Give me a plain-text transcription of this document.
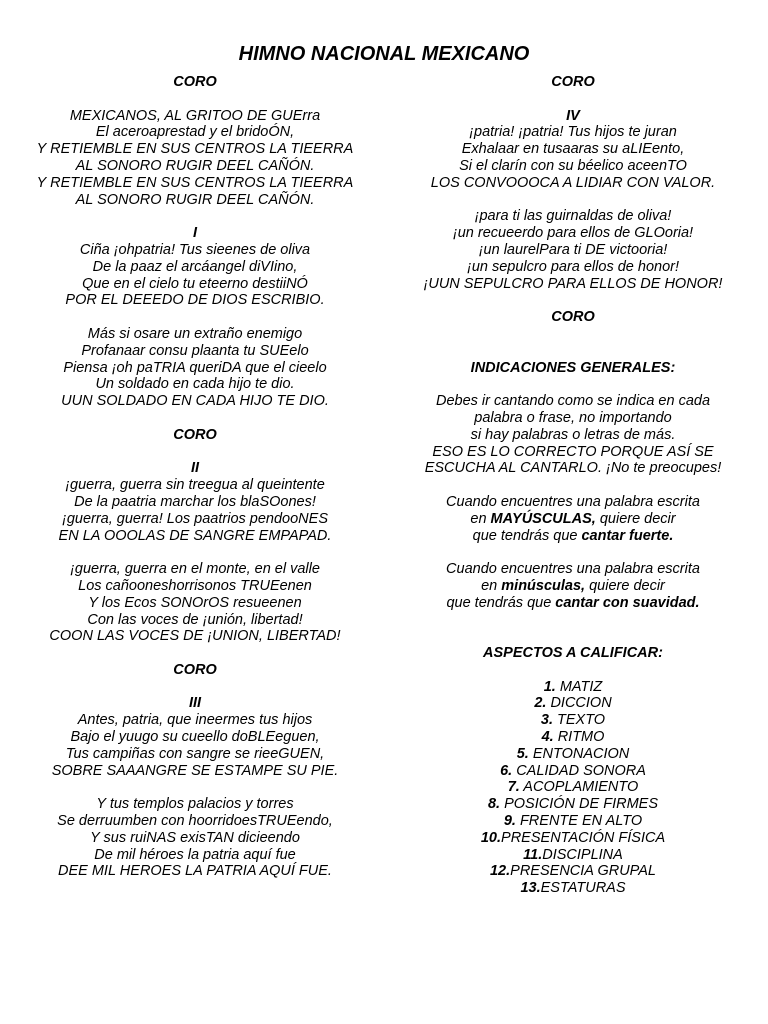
HIMNO NACIONAL MEXICANO
CORO
MEXICANOS, AL GRITOO DE GUErra
El aceroaprestad y el bridoÓN,
Y RETIEMBLE EN SUS CENTROS LA TIEERRA
AL SONORO RUGIR DEEL CAÑÓN.
Y RETIEMBLE EN SUS CENTROS LA TIEERRA
AL SONORO RUGIR DEEL CAÑÓN.
I
Ciña ¡ohpatria! Tus sieenes de oliva
De la paaz el arcáangel diVIino,
Que en el cielo tu eteerno destiiNÓ
POR EL DEEEDO DE DIOS ESCRIBIO.
Más si osare un extraño enemigo
Profanaar consu plaanta tu SUEelo
Piensa ¡oh paTRIA queriDA que el cieelo
Un soldado en cada hijo te dio.
UUN SOLDADO EN CADA HIJO TE DIO.
CORO
II
¡guerra, guerra sin treegua al queintente
De la paatria marchar los blaSOones!
¡guerra, guerra! Los paatrios pendooNES
EN LA OOOLAS DE SANGRE EMPAPAD.
¡guerra, guerra en el monte, en el valle
Los cañooneshorrisonos TRUEenen
Y los Ecos SONOrOS resueenen
Con las voces de ¡unión, libertad!
COON LAS VOCES DE ¡UNION, LIBERTAD!
CORO
III
Antes, patria, que ineermes tus hijos
Bajo el yuugo su cueello doBLEeguen,
Tus campiñas con sangre se rieeGUEN,
SOBRE SAAANGRE SE ESTAMPE SU PIE.
Y tus templos palacios y torres
Se derruumben con hoorridoesTRUEendo,
Y sus ruiNAS exisTAN dicieendo
De mil héroes la patria aquí fue
DEE MIL HEROES LA PATRIA AQUÍ FUE.
CORO
IV
¡patria! ¡patria! Tus hijos te juran
Exhalaar en tusaaras su aLIEento,
Si el clarín con su béelico aceenTO
LOS CONVOOOCA A LIDIAR CON VALOR.
¡para ti las guirnaldas de oliva!
¡un recueerdo para ellos de GLOoria!
¡un laurelPara ti DE victooria!
¡un sepulcro para ellos de honor!
¡UUN SEPULCRO PARA ELLOS DE HONOR!
CORO
INDICACIONES GENERALES:
Debes ir cantando como se indica en cada
palabra o frase, no importando
si hay palabras o letras de más.
ESO ES LO CORRECTO PORQUE ASÍ SE
ESCUCHA AL CANTARLO. ¡No te preocupes!
Cuando encuentres una palabra escrita
en MAYÚSCULAS, quiere decir
que tendrás que cantar fuerte.
Cuando encuentres una palabra escrita
en minúsculas, quiere decir
que tendrás que cantar con suavidad.
ASPECTOS A CALIFICAR:
1. MATIZ
2. DICCION
3. TEXTO
4. RITMO
5. ENTONACION
6. CALIDAD SONORA
7. ACOPLAMIENTO
8. POSICIÓN DE FIRMES
9. FRENTE EN ALTO
10.PRESENTACIÓN FÍSICA
11.DISCIPLINA
12.PRESENCIA GRUPAL
13.ESTATURAS
